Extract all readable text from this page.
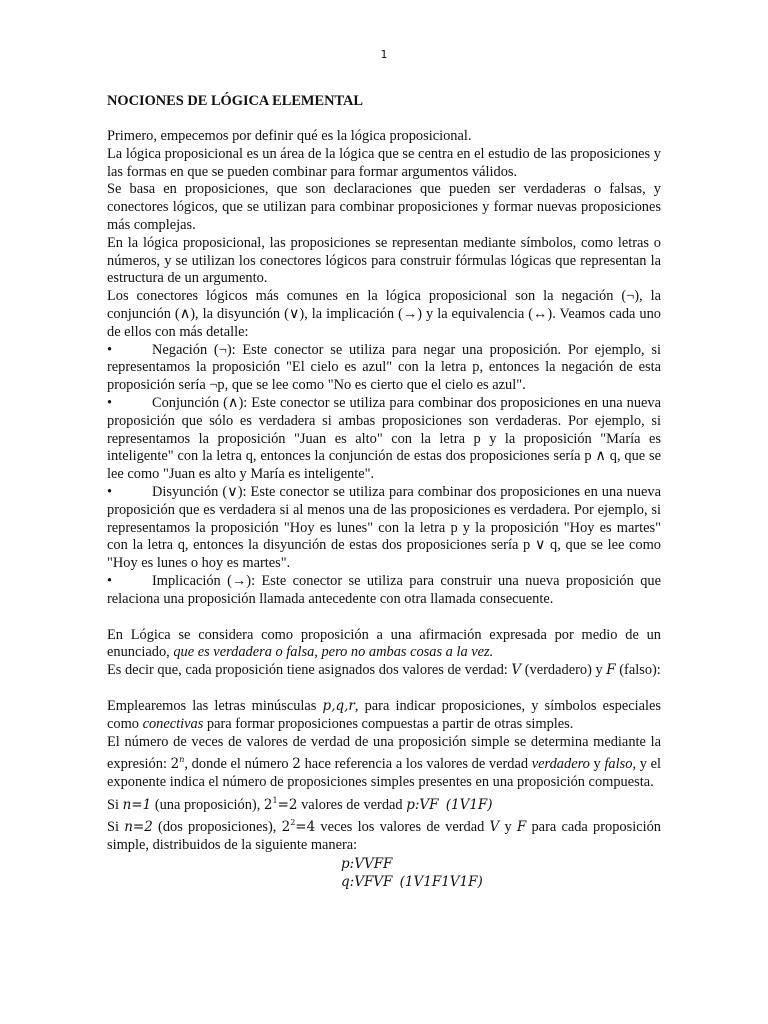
1
NOCIONES DE LÓGICA ELEMENTAL

Primero, empecemos por definir qué es la lógica proposicional.

La lógica proposicional es un área de la lógica que se centra en el estudio de las proposiciones y las formas en que se pueden combinar para formar argumentos válidos.

Se basa en proposiciones, que son declaraciones que pueden ser verdaderas o falsas, y conectores lógicos, que se utilizan para combinar proposiciones y formar nuevas proposiciones más complejas.

En la lógica proposicional, las proposiciones se representan mediante símbolos, como letras o números, y se utilizan los conectores lógicos para construir fórmulas lógicas que representan la estructura de un argumento.

Los conectores lógicos más comunes en la lógica proposicional son la negación (¬), la conjunción (∧), la disyunción (∨), la implicación (→) y la equivalencia (↔). Veamos cada uno de ellos con más detalle:

•	Negación (¬): Este conector se utiliza para negar una proposición. Por ejemplo, si representamos la proposición "El cielo es azul" con la letra p, entonces la negación de esta proposición sería ¬p, que se lee como "No es cierto que el cielo es azul".

•	Conjunción (∧): Este conector se utiliza para combinar dos proposiciones en una nueva proposición que sólo es verdadera si ambas proposiciones son verdaderas. Por ejemplo, si representamos la proposición "Juan es alto" con la letra p y la proposición "María es inteligente" con la letra q, entonces la conjunción de estas dos proposiciones sería p ∧ q, que se lee como "Juan es alto y María es inteligente".

•	Disyunción (∨): Este conector se utiliza para combinar dos proposiciones en una nueva proposición que es verdadera si al menos una de las proposiciones es verdadera. Por ejemplo, si representamos la proposición "Hoy es lunes" con la letra p y la proposición "Hoy es martes" con la letra q, entonces la disyunción de estas dos proposiciones sería p ∨ q, que se lee como "Hoy es lunes o hoy es martes".

•	Implicación (→): Este conector se utiliza para construir una nueva proposición que relaciona una proposición llamada antecedente con otra llamada consecuente.

En Lógica se considera como proposición a una afirmación expresada por medio de un enunciado, que es verdadera o falsa, pero no ambas cosas a la vez.

Es decir que, cada proposición tiene asignados dos valores de verdad: V (verdadero) y F (falso):

Emplearemos las letras minúsculas p,q,r, para indicar proposiciones, y símbolos especiales como conectivas para formar proposiciones compuestas a partir de otras simples.

El número de veces de valores de verdad de una proposición simple se determina mediante la expresión: 2$^n$, donde el número 2 hace referencia a los valores de verdad verdadero y falso, y el exponente indica el número de proposiciones simples presentes en una proposición compuesta.

Si n=1 (una proposición), $2^1=2$ valores de verdad p:VF (1V1F)

Si n=2 (dos proposiciones), $2^2=4$ veces los valores de verdad V y F para cada proposición simple, distribuidos de la siguiente manera:

p:VVFF

q:VFVF (1V1F1V1F)
